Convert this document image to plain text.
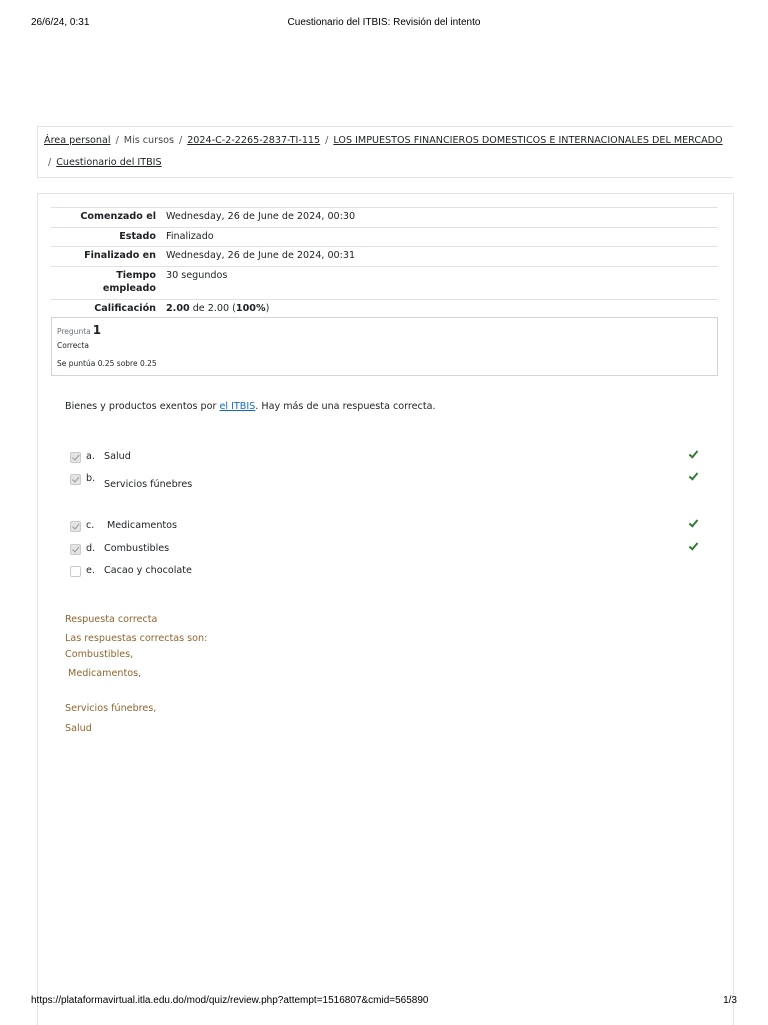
26/6/24, 0:31	Cuestionario del ITBIS: Revisión del intento
Área personal / Mis cursos / 2024-C-2-2265-2837-TI-115 / LOS IMPUESTOS FINANCIEROS DOMESTICOS E INTERNACIONALES DEL MERCADO
/ Cuestionario del ITBIS
Comenzado el	Wednesday, 26 de June de 2024, 00:30
Estado	Finalizado
Finalizado en	Wednesday, 26 de June de 2024, 00:31
Tiempo
empleado	30 segundos
Calificación	2.00 de 2.00 (100%)
Pregunta 1
Correcta
Se puntúa 0.25 sobre 0.25
Bienes y productos exentos por el ITBIS. Hay más de una respuesta correcta.
a. Salud
b.
Servicios fúnebres
c. Medicamentos
d. Combustibles
e. Cacao y chocolate
Respuesta correcta
Las respuestas correctas son:
Combustibles,
Medicamentos,
Servicios fúnebres,
Salud
https://plataformavirtual.itla.edu.do/mod/quiz/review.php?attempt=1516807&cmid=565890	1/3
